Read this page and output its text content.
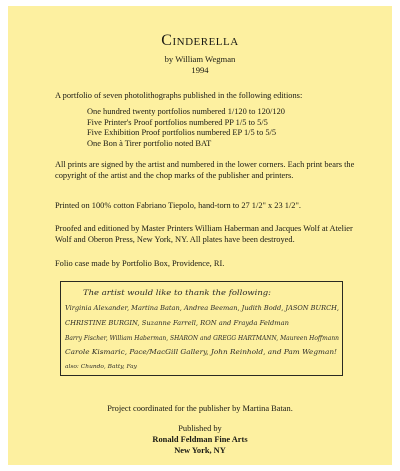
Cinderella
by William Wegman
1994
A portfolio of seven photolithographs published in the following editions:
One hundred twenty portfolios numbered 1/120 to 120/120
Five Printer's Proof portfolios numbered PP 1/5 to 5/5
Five Exhibition Proof portfolios numbered EP 1/5 to 5/5
One Bon à Tirer portfolio noted BAT
All prints are signed by the artist and numbered in the lower corners. Each print bears the copyright of the artist and the chop marks of the publisher and printers.
Printed on 100% cotton Fabriano Tiepolo, hand-torn to 27 1/2" x 23 1/2".
Proofed and editioned by Master Printers William Haberman and Jacques Wolf at Atelier Wolf and Oberon Press, New York, NY. All plates have been destroyed.
Folio case made by Portfolio Box, Providence, RI.
The artist would like to thank the following:
Virginia Alexander, Martina Batan, Andrea Beeman, Judith Bodd, JASON BURCH,
CHRISTINE BURGIN, Suzanne Farrell, RON and Frayda Feldman
Barry Fischer, William Haberman, SHARON and GREGG HARTMANN, Maureen Hoffmann
Carole Kismaric, Pace/MacGill Gallery, John Reinhold, and Pam Wegman!
also: Chundo, Batty, Fay
Project coordinated for the publisher by Martina Batan.
Published by
Ronald Feldman Fine Arts
New York, NY
